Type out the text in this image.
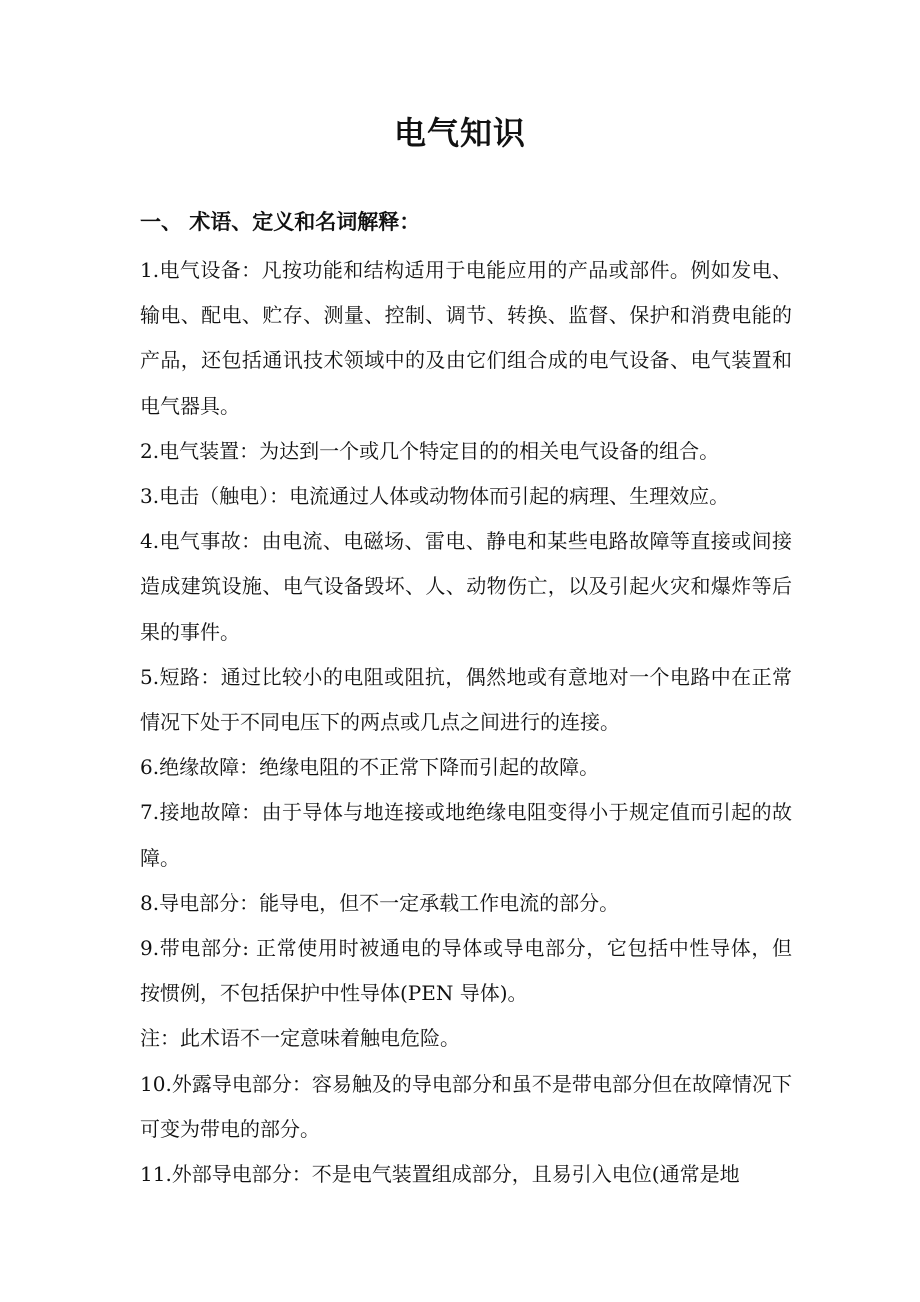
电气知识
一、 术语、定义和名词解释：

1.电气设备：凡按功能和结构适用于电能应用的产品或部件。例如发电、输电、配电、贮存、测量、控制、调节、转换、监督、保护和消费电能的产品，还包括通讯技术领域中的及由它们组合成的电气设备、电气装置和电气器具。

2.电气装置：为达到一个或几个特定目的的相关电气设备的组合。

3.电击（触电）：电流通过人体或动物体而引起的病理、生理效应。

4.电气事故：由电流、电磁场、雷电、静电和某些电路故障等直接或间接造成建筑设施、电气设备毁坏、人、动物伤亡，以及引起火灾和爆炸等后果的事件。

5.短路：通过比较小的电阻或阻抗，偶然地或有意地对一个电路中在正常情况下处于不同电压下的两点或几点之间进行的连接。

6.绝缘故障：绝缘电阻的不正常下降而引起的故障。

7.接地故障：由于导体与地连接或地绝缘电阻变得小于规定值而引起的故障。

8.导电部分：能导电，但不一定承载工作电流的部分。

9.带电部分: 正常使用时被通电的导体或导电部分，它包括中性导体，但按惯例，不包括保护中性导体(PEN 导体)。

注：此术语不一定意味着触电危险。

10.外露导电部分：容易触及的导电部分和虽不是带电部分但在故障情况下可变为带电的部分。

11.外部导电部分：不是电气装置组成部分，且易引入电位(通常是地
